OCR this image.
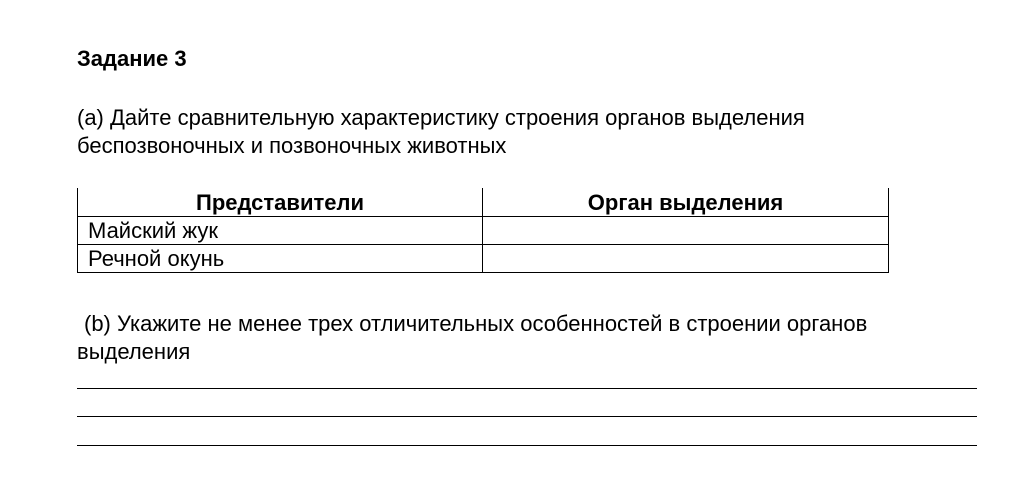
Задание 3
(а) Дайте сравнительную характеристику строения органов выделения
беспозвоночных и позвоночных животных
Представители	Орган выделения
Майский жук	
Речной окунь	
(b) Укажите не менее трех отличительных особенностей в строении органов
выделения
